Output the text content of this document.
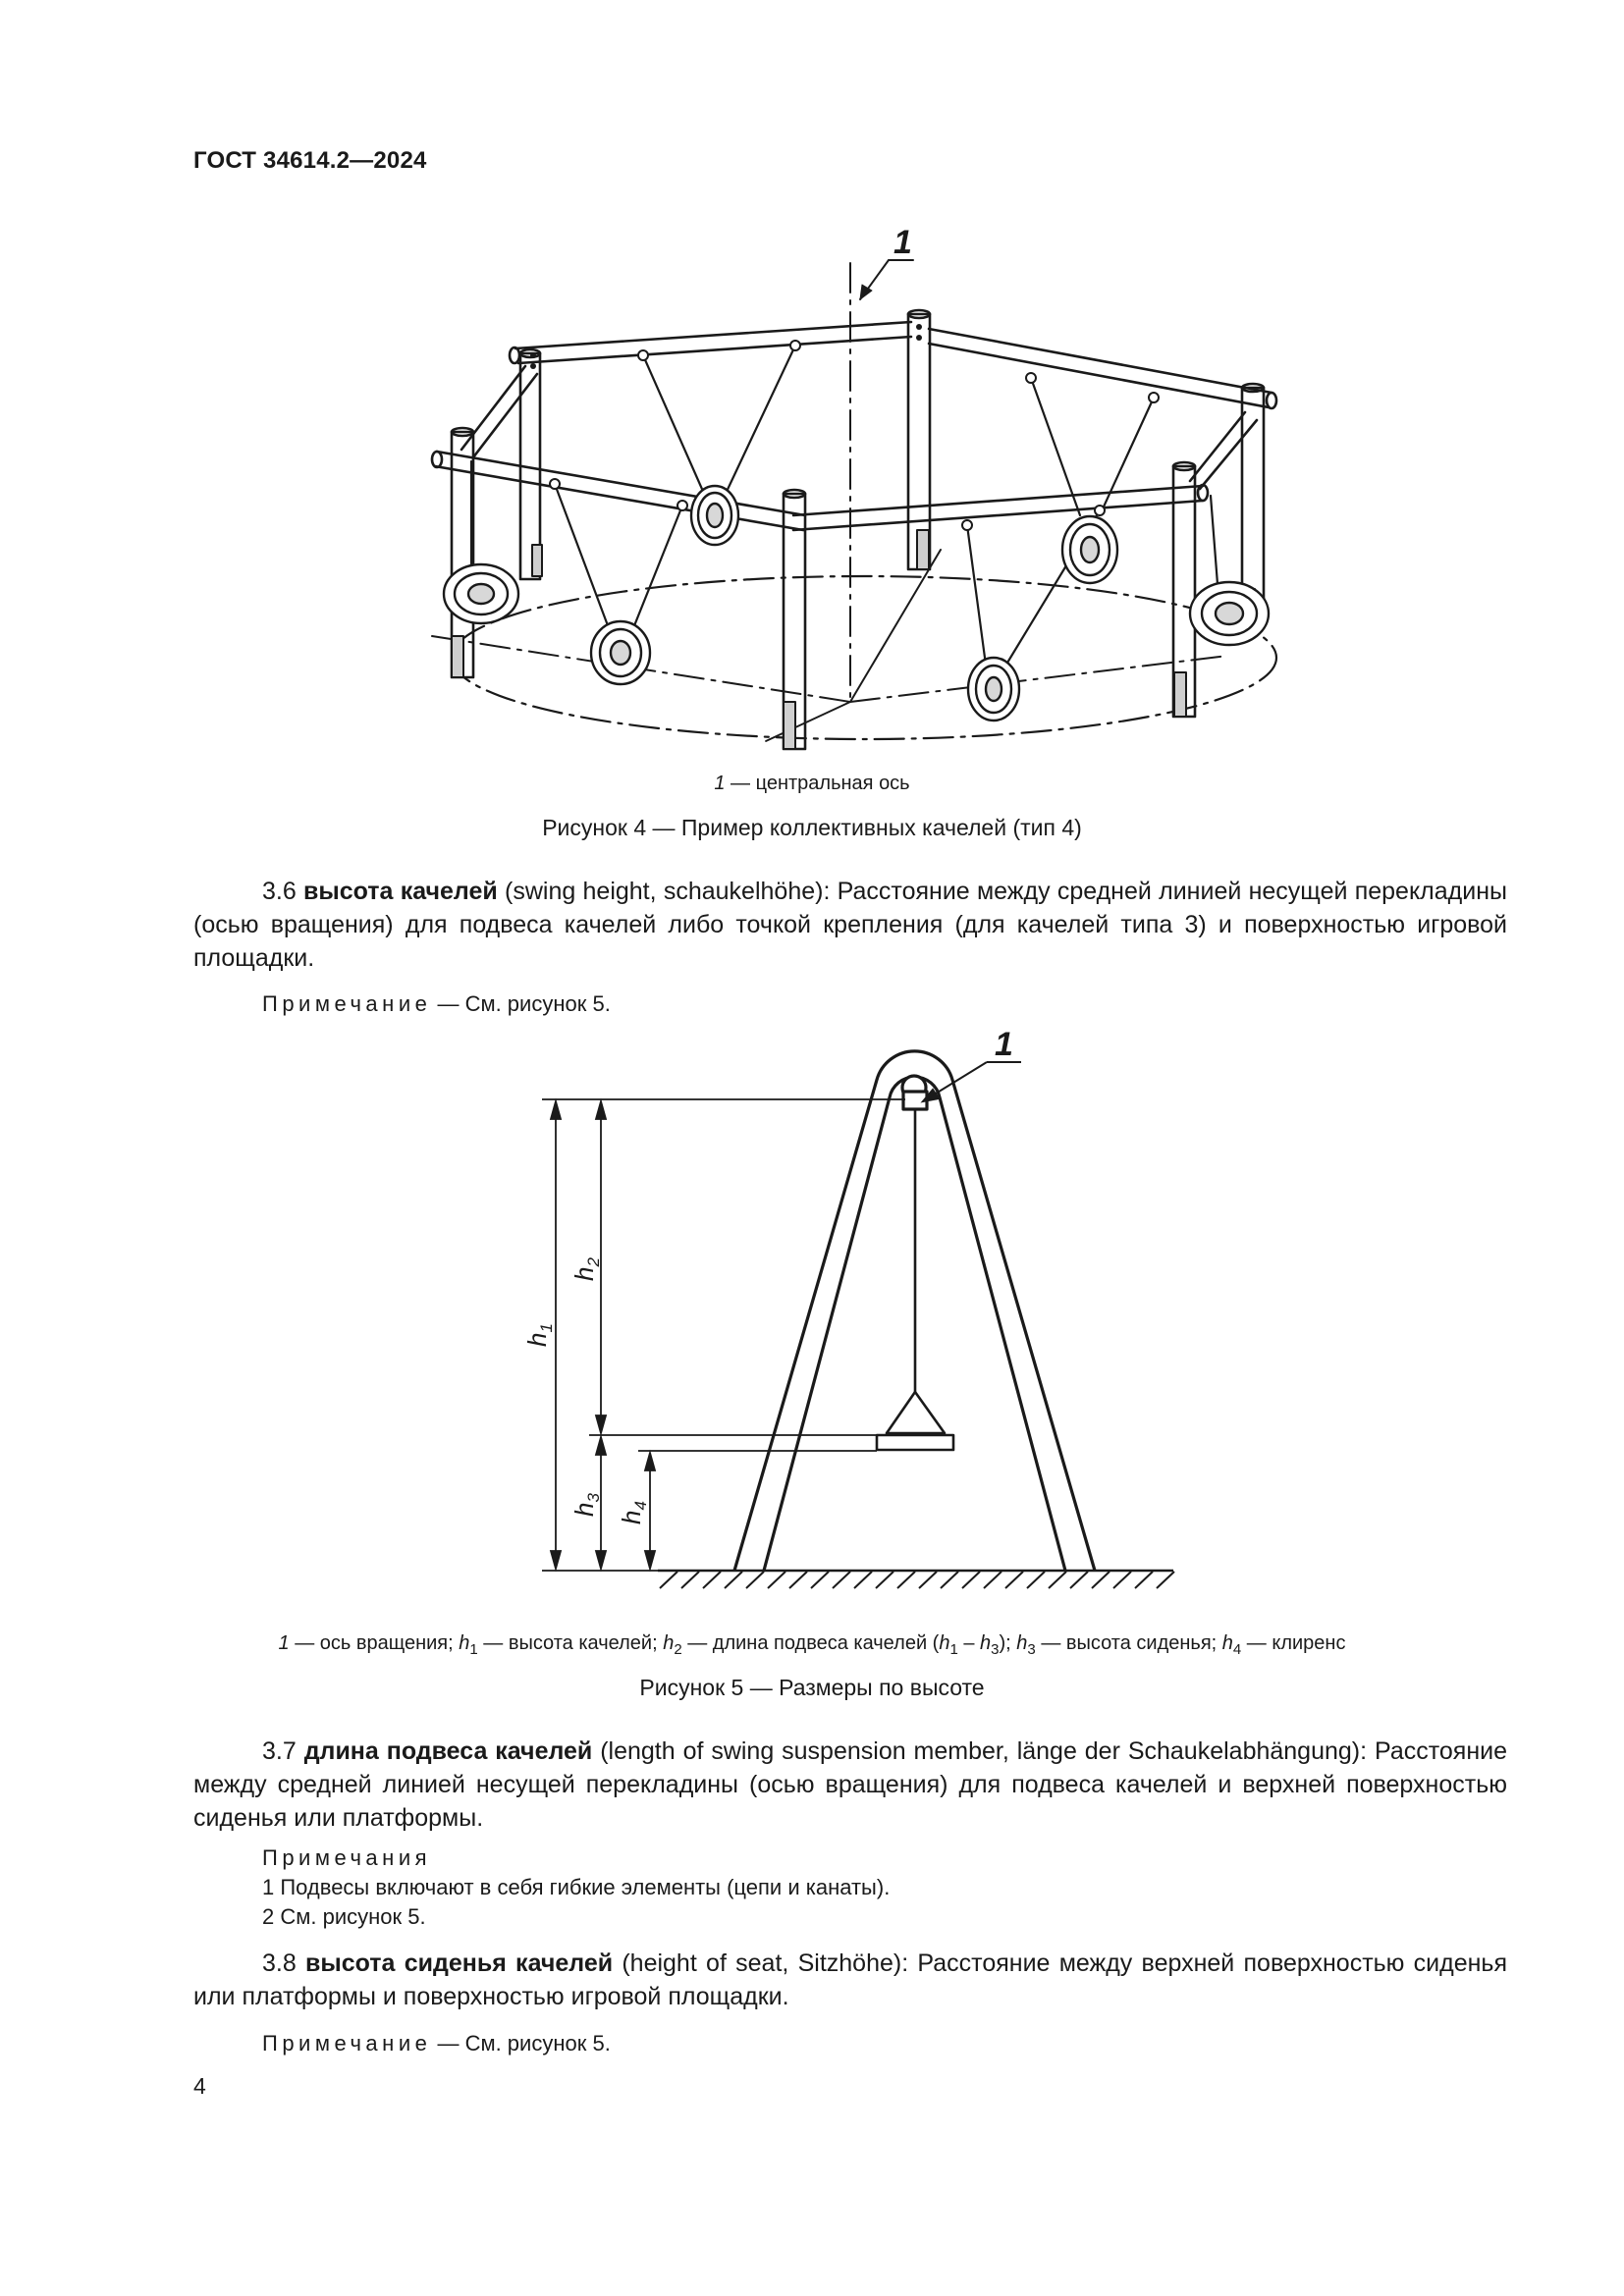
ГОСТ 34614.2—2024
1
1 — центральная ось
Рисунок 4 — Пример коллективных качелей (тип 4)
3.6 высота качелей (swing height, schaukelhöhe): Расстояние между средней линией несущей перекладины (осью вращения) для подвеса качелей либо точкой крепления (для качелей типа 3) и поверхностью игровой площадки.
Примечание — См. рисунок 5.
1
$h_1$
$h_2$
$h_3$
$h_4$
1 — ось вращения; $h_1$ — высота качелей; $h_2$ — длина подвеса качелей $(h_1 - h_3)$; $h_3$ — высота сиденья; $h_4$ — клиренс
Рисунок 5 — Размеры по высоте
3.7 длина подвеса качелей (length of swing suspension member, länge der Schaukelabhängung): Расстояние между средней линией несущей перекладины (осью вращения) для подвеса качелей и верхней поверхностью сиденья или платформы.
Примечания
1 Подвесы включают в себя гибкие элементы (цепи и канаты).
2 См. рисунок 5.
3.8 высота сиденья качелей (height of seat, Sitzhöhe): Расстояние между верхней поверхностью сиденья или платформы и поверхностью игровой площадки.
Примечание — См. рисунок 5.
4
